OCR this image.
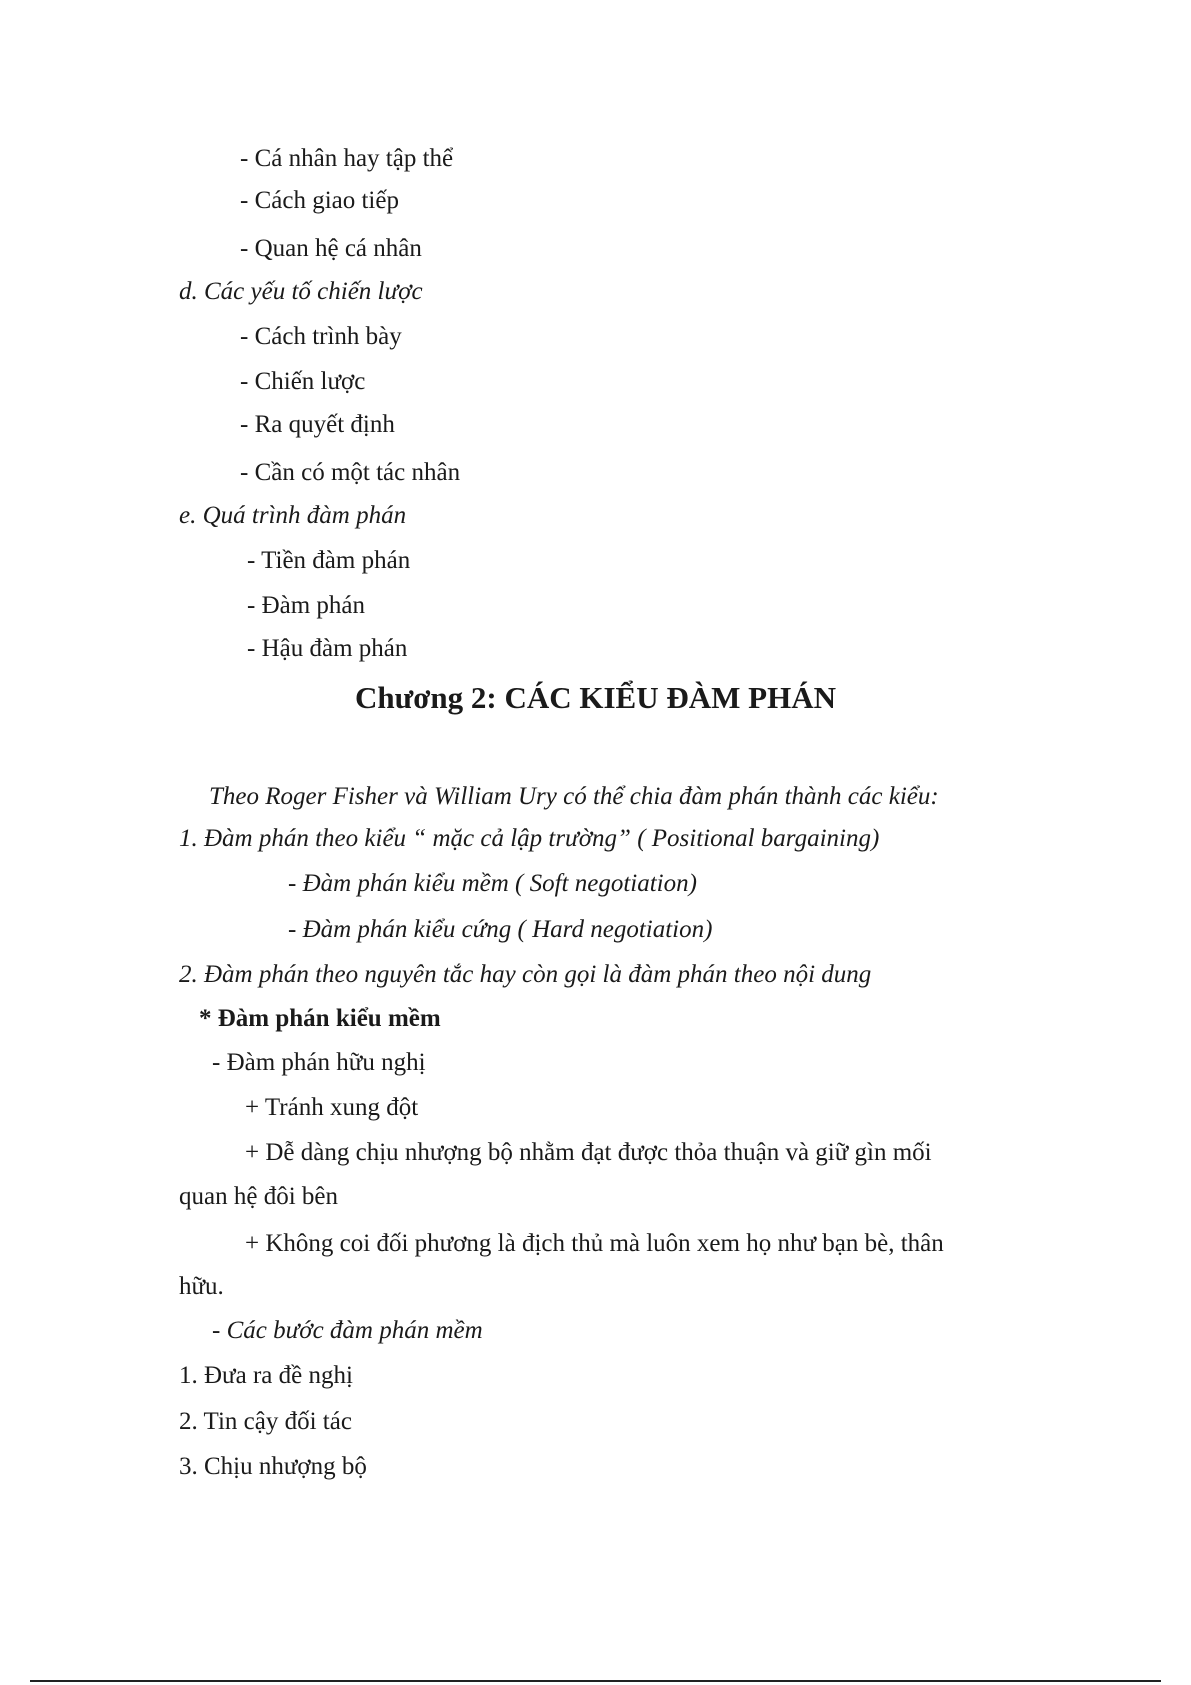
- Cá nhân hay tập thể
- Cách giao tiếp
- Quan hệ cá nhân
d. Các yếu tố chiến lược
- Cách trình bày
- Chiến lược
- Ra quyết định
- Cần có một tác nhân
e. Quá trình đàm phán
- Tiền đàm phán
- Đàm phán
- Hậu đàm phán
Chương 2: CÁC KIỂU ĐÀM PHÁN
Theo Roger Fisher và William Ury có thể chia đàm phán thành các kiểu:
1. Đàm phán theo kiểu “ mặc cả lập trường” ( Positional bargaining)
- Đàm phán kiểu mềm ( Soft negotiation)
- Đàm phán kiểu cứng ( Hard negotiation)
2. Đàm phán theo nguyên tắc hay còn gọi là đàm phán theo nội dung
* Đàm phán kiểu mềm
- Đàm phán hữu nghị
+ Tránh xung đột
+ Dễ dàng chịu nhượng bộ nhằm đạt được thỏa thuận và giữ gìn mối
quan hệ đôi bên
+ Không coi đối phương là địch thủ mà luôn xem họ như bạn bè, thân
hữu.
- Các bước đàm phán mềm
1. Đưa ra đề nghị
2. Tin cậy đối tác
3. Chịu nhượng bộ
